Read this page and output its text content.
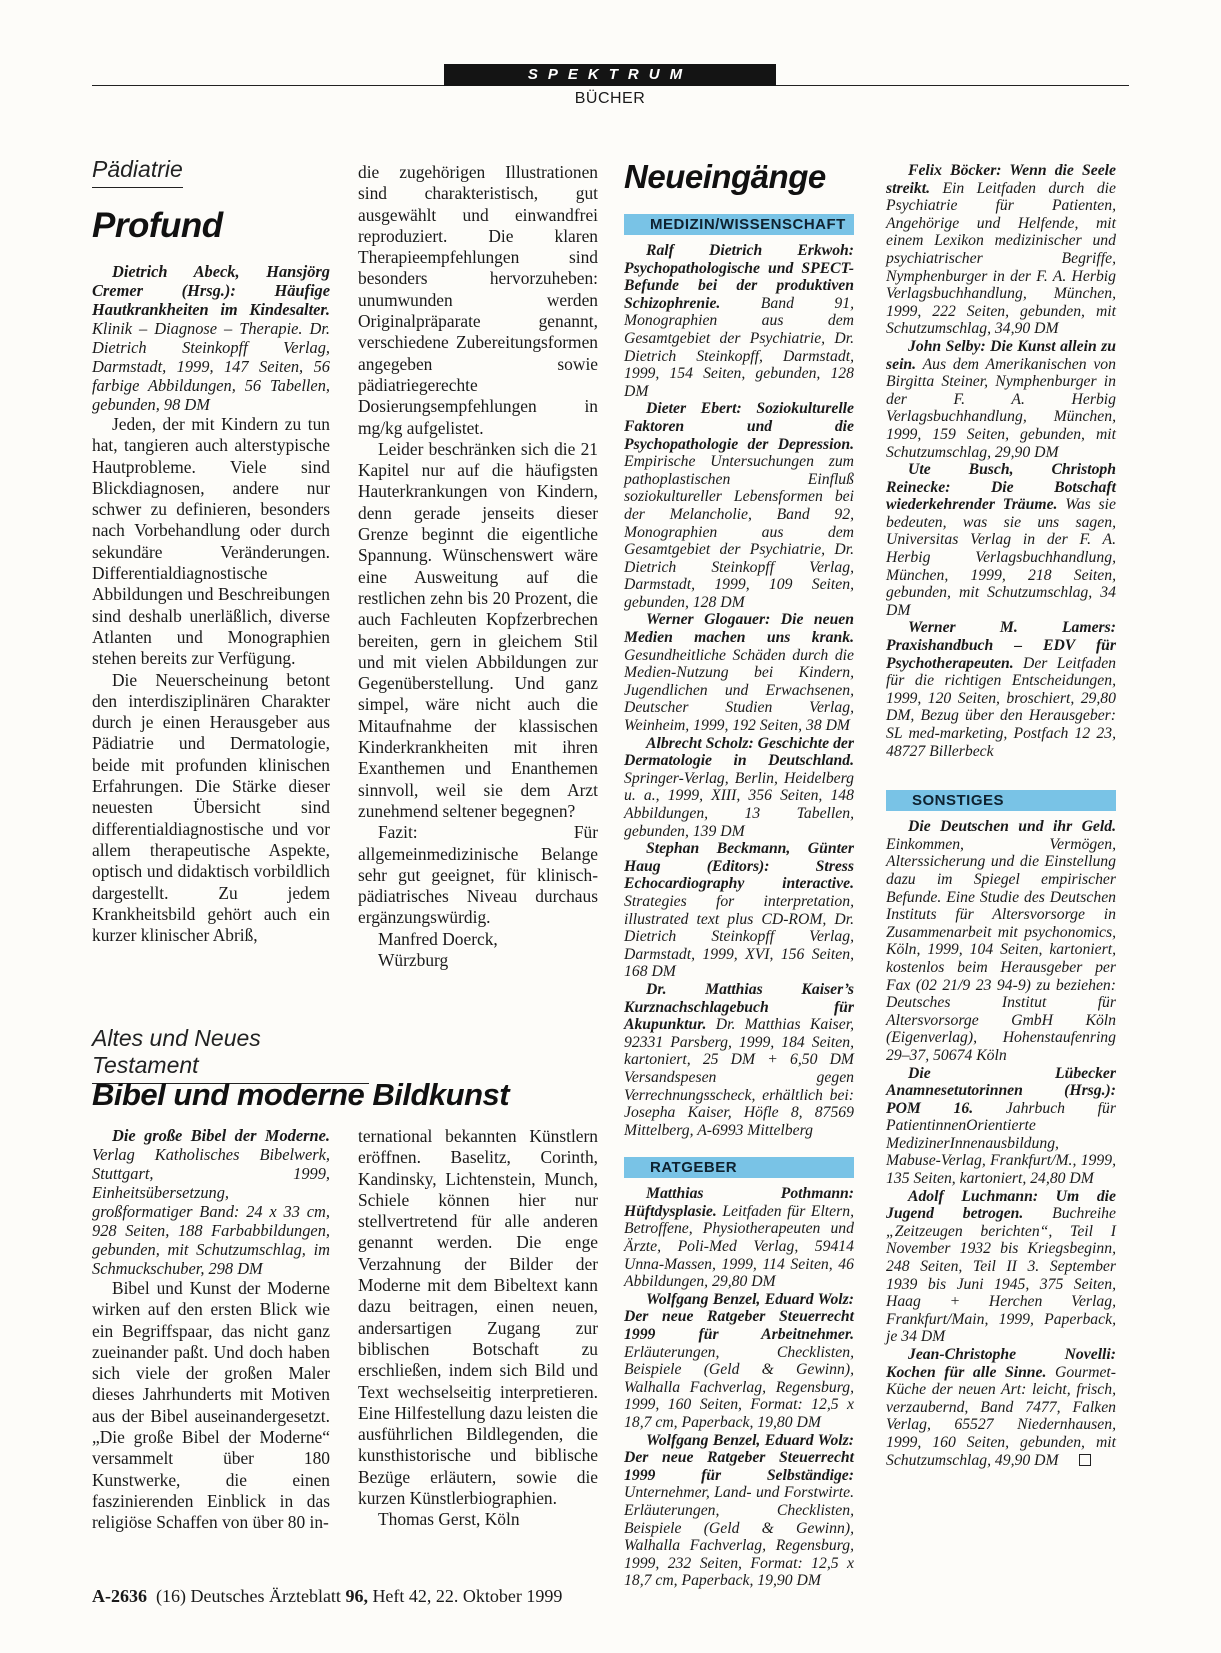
SPEKTRUM
BÜCHER
Pädiatrie
Profund

Dietrich Abeck, Hansjörg Cremer (Hrsg.): Häufige Hautkrankheiten im Kindesalter. Klinik – Diagnose – Therapie. Dr. Dietrich Steinkopff Verlag, Darmstadt, 1999, 147 Seiten, 56 farbige Abbildungen, 56 Tabellen, gebunden, 98 DM

Jeden, der mit Kindern zu tun hat, tangieren auch alterstypische Hautprobleme. Viele sind Blickdiagnosen, andere nur schwer zu definieren, besonders nach Vorbehandlung oder durch sekundäre Veränderungen. Differentialdiagnostische Abbildungen und Beschreibungen sind deshalb unerläßlich, diverse Atlanten und Monographien stehen bereits zur Verfügung.

Die Neuerscheinung betont den interdisziplinären Charakter durch je einen Herausgeber aus Pädiatrie und Dermatologie, beide mit profunden klinischen Erfahrungen. Die Stärke dieser neuesten Übersicht sind differentialdiagnostische und vor allem therapeutische Aspekte, optisch und didaktisch vorbildlich dargestellt. Zu jedem Krankheitsbild gehört auch ein kurzer klinischer Abriß,

die zugehörigen Illustrationen sind charakteristisch, gut ausgewählt und einwandfrei reproduziert. Die klaren Therapieempfehlungen sind besonders hervorzuheben: unumwunden werden Originalpräparate genannt, verschiedene Zubereitungsformen angegeben sowie pädiatriegerechte Dosierungsempfehlungen in mg/kg aufgelistet.

Leider beschränken sich die 21 Kapitel nur auf die häufigsten Hauterkrankungen von Kindern, denn gerade jenseits dieser Grenze beginnt die eigentliche Spannung. Wünschenswert wäre eine Ausweitung auf die restlichen zehn bis 20 Prozent, die auch Fachleuten Kopfzerbrechen bereiten, gern in gleichem Stil und mit vielen Abbildungen zur Gegenüberstellung. Und ganz simpel, wäre nicht auch die Mitaufnahme der klassischen Kinderkrankheiten mit ihren Exanthemen und Enanthemen sinnvoll, weil sie dem Arzt zunehmend seltener begegnen?

Fazit: Für allgemeinmedizinische Belange sehr gut geeignet, für klinisch-pädiatrisches Niveau durchaus ergänzungswürdig.

Manfred Doerck,

Würzburg

Altes und Neues Testament
Bibel und moderne Bildkunst

Die große Bibel der Moderne. Verlag Katholisches Bibelwerk, Stuttgart, 1999, Einheitsübersetzung, großformatiger Band: 24 x 33 cm, 928 Seiten, 188 Farbabbildungen, gebunden, mit Schutzumschlag, im Schmuckschuber, 298 DM

Bibel und Kunst der Moderne wirken auf den ersten Blick wie ein Begriffspaar, das nicht ganz zueinander paßt. Und doch haben sich viele der großen Maler dieses Jahrhunderts mit Motiven aus der Bibel auseinandergesetzt. „Die große Bibel der Moderne“ versammelt über 180 Kunstwerke, die einen faszinierenden Einblick in das religiöse Schaffen von über 80 in-

ternational bekannten Künstlern eröffnen. Baselitz, Corinth, Kandinsky, Lichtenstein, Munch, Schiele können hier nur stellvertretend für alle anderen genannt werden. Die enge Verzahnung der Bilder der Moderne mit dem Bibeltext kann dazu beitragen, einen neuen, andersartigen Zugang zur biblischen Botschaft zu erschließen, indem sich Bild und Text wechselseitig interpretieren. Eine Hilfestellung dazu leisten die ausführlichen Bildlegenden, die kunsthistorische und biblische Bezüge erläutern, sowie die kurzen Künstlerbiographien.

Thomas Gerst, Köln

Neueingänge
MEDIZIN/WISSENSCHAFT

Ralf Dietrich Erkwoh: Psychopathologische und SPECT-Befunde bei der produktiven Schizophrenie. Band 91, Monographien aus dem Gesamtgebiet der Psychiatrie, Dr. Dietrich Steinkopff, Darmstadt, 1999, 154 Seiten, gebunden, 128 DM

Dieter Ebert: Soziokulturelle Faktoren und die Psychopathologie der Depression. Empirische Untersuchungen zum pathoplastischen Einfluß soziokultureller Lebensformen bei der Melancholie, Band 92, Monographien aus dem Gesamtgebiet der Psychiatrie, Dr. Dietrich Steinkopff Verlag, Darmstadt, 1999, 109 Seiten, gebunden, 128 DM

Werner Glogauer: Die neuen Medien machen uns krank. Gesundheitliche Schäden durch die Medien-Nutzung bei Kindern, Jugendlichen und Erwachsenen, Deutscher Studien Verlag, Weinheim, 1999, 192 Seiten, 38 DM

Albrecht Scholz: Geschichte der Dermatologie in Deutschland. Springer-Verlag, Berlin, Heidelberg u. a., 1999, XIII, 356 Seiten, 148 Abbildungen, 13 Tabellen, gebunden, 139 DM

Stephan Beckmann, Günter Haug (Editors): Stress Echocardiography interactive. Strategies for interpretation, illustrated text plus CD-ROM, Dr. Dietrich Steinkopff Verlag, Darmstadt, 1999, XVI, 156 Seiten, 168 DM

Dr. Matthias Kaiser’s Kurznachschlagebuch für Akupunktur. Dr. Matthias Kaiser, 92331 Parsberg, 1999, 184 Seiten, kartoniert, 25 DM + 6,50 DM Versandspesen gegen Verrechnungsscheck, erhältlich bei: Josepha Kaiser, Höfle 8, 87569 Mittelberg, A-6993 Mittelberg

RATGEBER

Matthias Pothmann: Hüftdysplasie. Leitfaden für Eltern, Betroffene, Physiotherapeuten und Ärzte, Poli-Med Verlag, 59414 Unna-Massen, 1999, 114 Seiten, 46 Abbildungen, 29,80 DM

Wolfgang Benzel, Eduard Wolz: Der neue Ratgeber Steuerrecht 1999 für Arbeitnehmer. Erläuterungen, Checklisten, Beispiele (Geld & Gewinn), Walhalla Fachverlag, Regensburg, 1999, 160 Seiten, Format: 12,5 x 18,7 cm, Paperback, 19,80 DM

Wolfgang Benzel, Eduard Wolz: Der neue Ratgeber Steuerrecht 1999 für Selbständige: Unternehmer, Land- und Forstwirte. Erläuterungen, Checklisten, Beispiele (Geld & Gewinn), Walhalla Fachverlag, Regensburg, 1999, 232 Seiten, Format: 12,5 x 18,7 cm, Paperback, 19,90 DM

Felix Böcker: Wenn die Seele streikt. Ein Leitfaden durch die Psychiatrie für Patienten, Angehörige und Helfende, mit einem Lexikon medizinischer und psychiatrischer Begriffe, Nymphenburger in der F. A. Herbig Verlagsbuchhandlung, München, 1999, 222 Seiten, gebunden, mit Schutzumschlag, 34,90 DM

John Selby: Die Kunst allein zu sein. Aus dem Amerikanischen von Birgitta Steiner, Nymphenburger in der F. A. Herbig Verlagsbuchhandlung, München, 1999, 159 Seiten, gebunden, mit Schutzumschlag, 29,90 DM

Ute Busch, Christoph Reinecke: Die Botschaft wiederkehrender Träume. Was sie bedeuten, was sie uns sagen, Universitas Verlag in der F. A. Herbig Verlagsbuchhandlung, München, 1999, 218 Seiten, gebunden, mit Schutzumschlag, 34 DM

Werner M. Lamers: Praxishandbuch – EDV für Psychotherapeuten. Der Leitfaden für die richtigen Entscheidungen, 1999, 120 Seiten, broschiert, 29,80 DM, Bezug über den Herausgeber: SL med-marketing, Postfach 12 23, 48727 Billerbeck

SONSTIGES

Die Deutschen und ihr Geld. Einkommen, Vermögen, Alterssicherung und die Einstellung dazu im Spiegel empirischer Befunde. Eine Studie des Deutschen Instituts für Altersvorsorge in Zusammenarbeit mit psychonomics, Köln, 1999, 104 Seiten, kartoniert, kostenlos beim Herausgeber per Fax (02 21/9 23 94-9) zu beziehen: Deutsches Institut für Altersvorsorge GmbH Köln (Eigenverlag), Hohenstaufenring 29–37, 50674 Köln

Die Lübecker Anamnesetutorinnen (Hrsg.): POM 16. Jahrbuch für PatientinnenOrientierte MedizinerInnenausbildung, Mabuse-Verlag, Frankfurt/M., 1999, 135 Seiten, kartoniert, 24,80 DM

Adolf Luchmann: Um die Jugend betrogen. Buchreihe „Zeitzeugen berichten“, Teil I November 1932 bis Kriegsbeginn, 248 Seiten, Teil II 3. September 1939 bis Juni 1945, 375 Seiten, Haag + Herchen Verlag, Frankfurt/Main, 1999, Paperback, je 34 DM

Jean-Christophe Novelli: Kochen für alle Sinne. Gourmet-Küche der neuen Art: leicht, frisch, verzaubernd, Band 7477, Falken Verlag, 65527 Niedernhausen, 1999, 160 Seiten, gebunden, mit Schutzumschlag, 49,90 DM

A-2636 (16) Deutsches Ärzteblatt 96, Heft 42, 22. Oktober 1999
